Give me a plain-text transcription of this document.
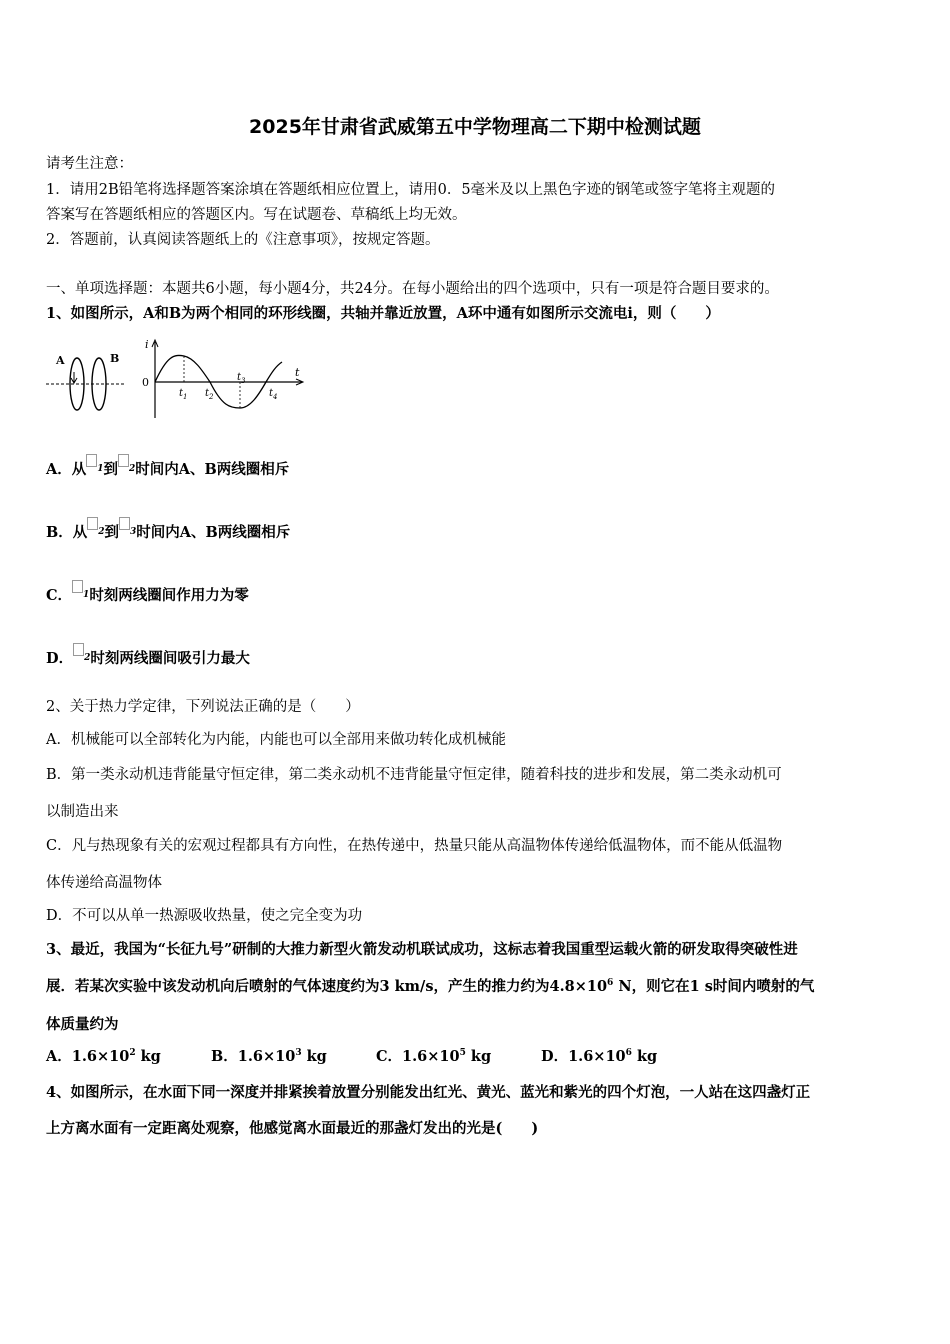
2025年甘肃省武威第五中学物理高二下期中检测试题
请考生注意：
1．请用2B铅笔将选择题答案涂填在答题纸相应位置上，请用0．5毫米及以上黑色字迹的钢笔或签字笔将主观题的
答案写在答题纸相应的答题区内。写在试题卷、草稿纸上均无效。
2．答题前，认真阅读答题纸上的《注意事项》，按规定答题。
一、单项选择题：本题共6小题，每小题4分，共24分。在每小题给出的四个选项中，只有一项是符合题目要求的。
1、如图所示，A和B为两个相同的环形线圈，共轴并靠近放置，A环中通有如图所示交流电i，则（　　）
A	B
i
t
0
$t_1$ $t_2$
$t_3$
$t_4$
A．从 $^1$到 $^2$时间内A、B两线圈相斥
B．从 $^2$到 $^3$时间内A、B两线圈相斥
C． $^1$时刻两线圈间作用力为零
D． $^2$时刻两线圈间吸引力最大
2、关于热力学定律，下列说法正确的是（　　）
A．机械能可以全部转化为内能，内能也可以全部用来做功转化成机械能
B．第一类永动机违背能量守恒定律，第二类永动机不违背能量守恒定律，随着科技的进步和发展，第二类永动机可
以制造出来
C．凡与热现象有关的宏观过程都具有方向性，在热传递中，热量只能从高温物体传递给低温物体，而不能从低温物
体传递给高温物体
D．不可以从单一热源吸收热量，使之完全变为功
3、最近，我国为“长征九号”研制的大推力新型火箭发动机联试成功，这标志着我国重型运载火箭的研发取得突破性进
展．若某次实验中该发动机向后喷射的气体速度约为3 km/s，产生的推力约为$4.8\times 10^6$ N，则它在1 s时间内喷射的气
体质量约为
A．$1.6\times 10^2$ kg	B．$1.6\times 10^3$ kg	C．$1.6\times 10^5$ kg	D．$1.6\times 10^6$ kg
4、如图所示，在水面下同一深度并排紧挨着放置分别能发出红光、黄光、蓝光和紫光的四个灯泡，一人站在这四盏灯正
上方离水面有一定距离处观察，他感觉离水面最近的那盏灯发出的光是(　　)
